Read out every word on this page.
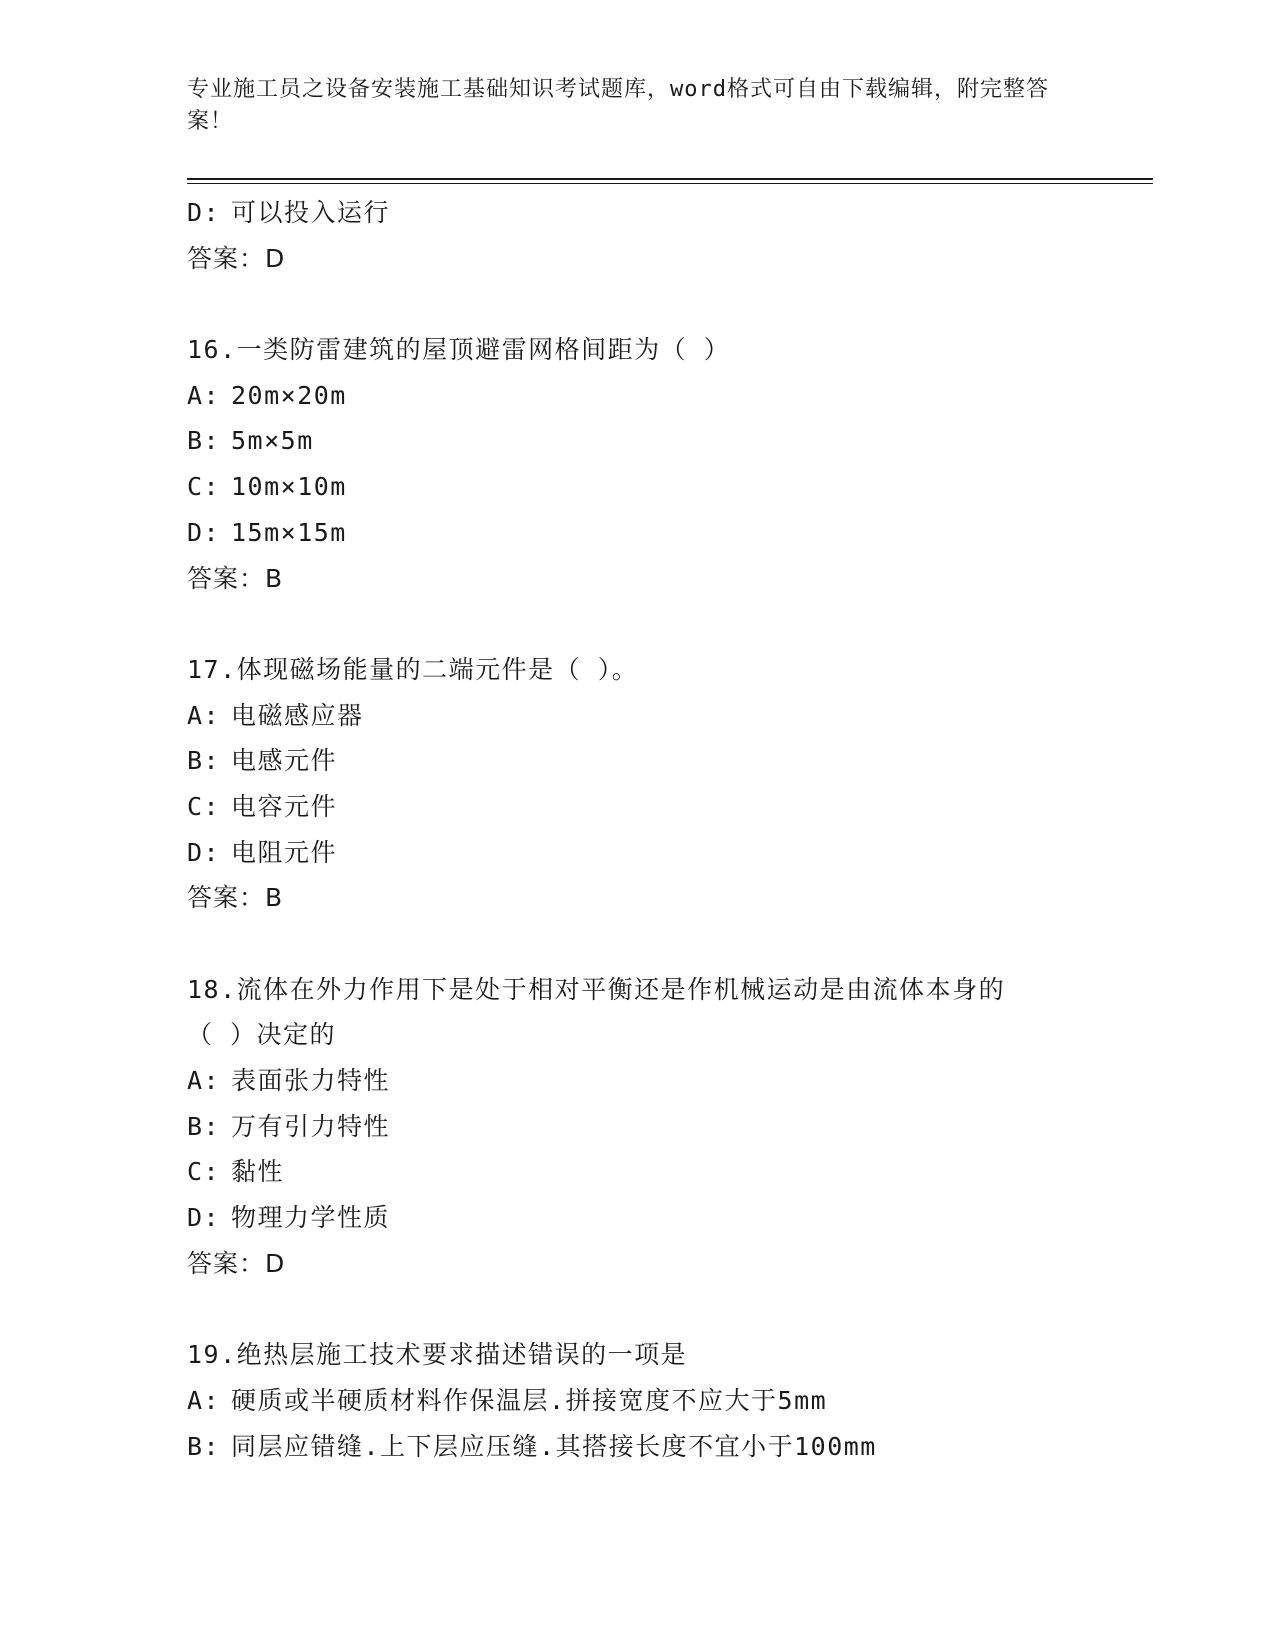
专业施工员之设备安装施工基础知识考试题库，word格式可自由下载编辑，附完整答案！
D: 可以投入运行
答案：D
16.一类防雷建筑的屋顶避雷网格间距为（ ）
A: 20m×20m
B: 5m×5m
C: 10m×10m
D: 15m×15m
答案：B
17.体现磁场能量的二端元件是（ ）。
A: 电磁感应器
B: 电感元件
C: 电容元件
D: 电阻元件
答案：B
18.流体在外力作用下是处于相对平衡还是作机械运动是由流体本身的
（ ）决定的
A: 表面张力特性
B: 万有引力特性
C: 黏性
D: 物理力学性质
答案：D
19.绝热层施工技术要求描述错误的一项是
A: 硬质或半硬质材料作保温层.拼接宽度不应大于5mm
B: 同层应错缝.上下层应压缝.其搭接长度不宜小于100mm
